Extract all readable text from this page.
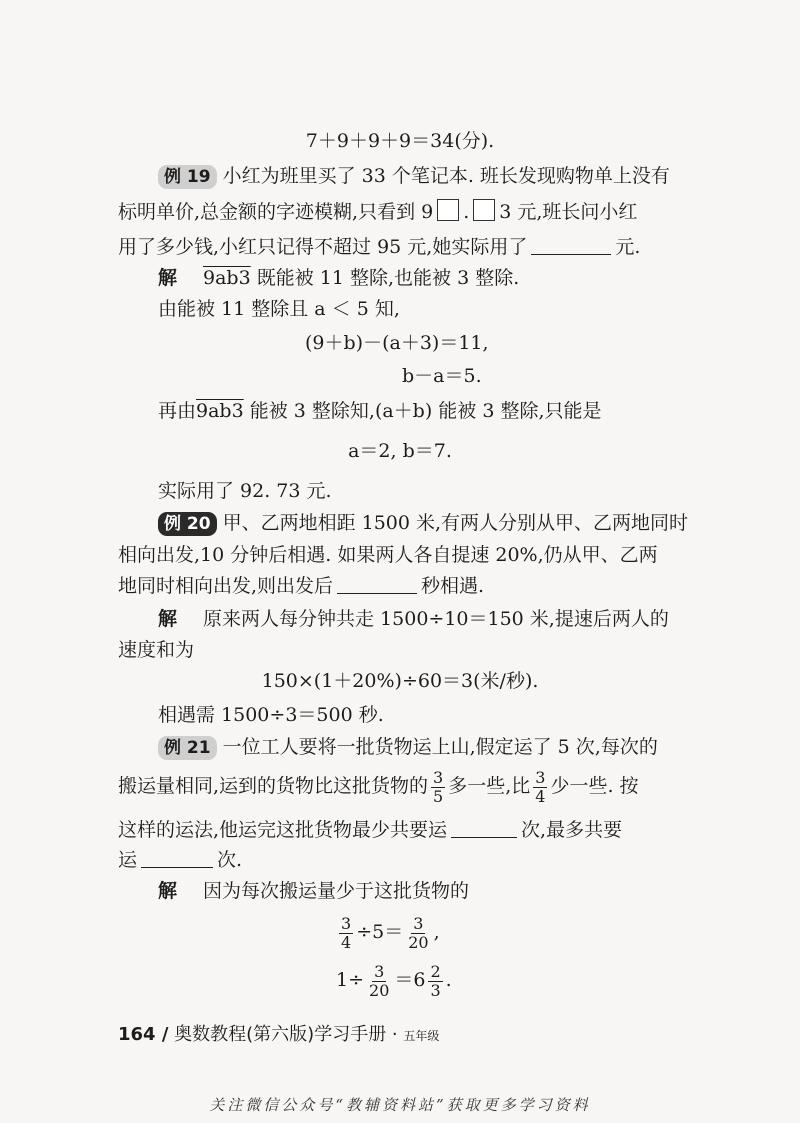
7＋9＋9＋9＝34(分).
例 19 小红为班里买了 33 个笔记本. 班长发现购物单上没有
标明单价,总金额的字迹模糊,只看到 9 . 3 元,班长问小红
用了多少钱,小红只记得不超过 95 元,她实际用了	元.
解 9ab3 既能被 11 整除,也能被 3 整除.
由能被 11 整除且 a ＜ 5 知,
(9＋b)－(a＋3)＝11,
b－a＝5.
再由9ab3 能被 3 整除知,(a＋b) 能被 3 整除,只能是
a＝2, b＝7.
实际用了 92. 73 元.
例 20 甲、乙两地相距 1500 米,有两人分别从甲、乙两地同时
相向出发,10 分钟后相遇. 如果两人各自提速 20%,仍从甲、乙两
地同时相向出发,则出发后	秒相遇.
解 原来两人每分钟共走 1500÷10＝150 米,提速后两人的
速度和为
150×(1＋20%)÷60＝3(米/秒).
相遇需 1500÷3＝500 秒.
例 21 一位工人要将一批货物运上山,假定运了 5 次,每次的
搬运量相同,运到的货物比这批货物的 $\frac{3}{5}$ 多一些,比 $\frac{3}{4}$ 少一些. 按
这样的运法,他运完这批货物最少共要运	次,最多共要
运	次.
解 因为每次搬运量少于这批货物的
$\frac{3}{4} \div 5= \frac{3}{20}$ ,
$1\div \frac{3}{20} =6 \frac{2}{3}$ .
164 / 奥数教程(第六版)学习手册 · 五年级
关注微信公众号“教辅资料站”获取更多学习资料
